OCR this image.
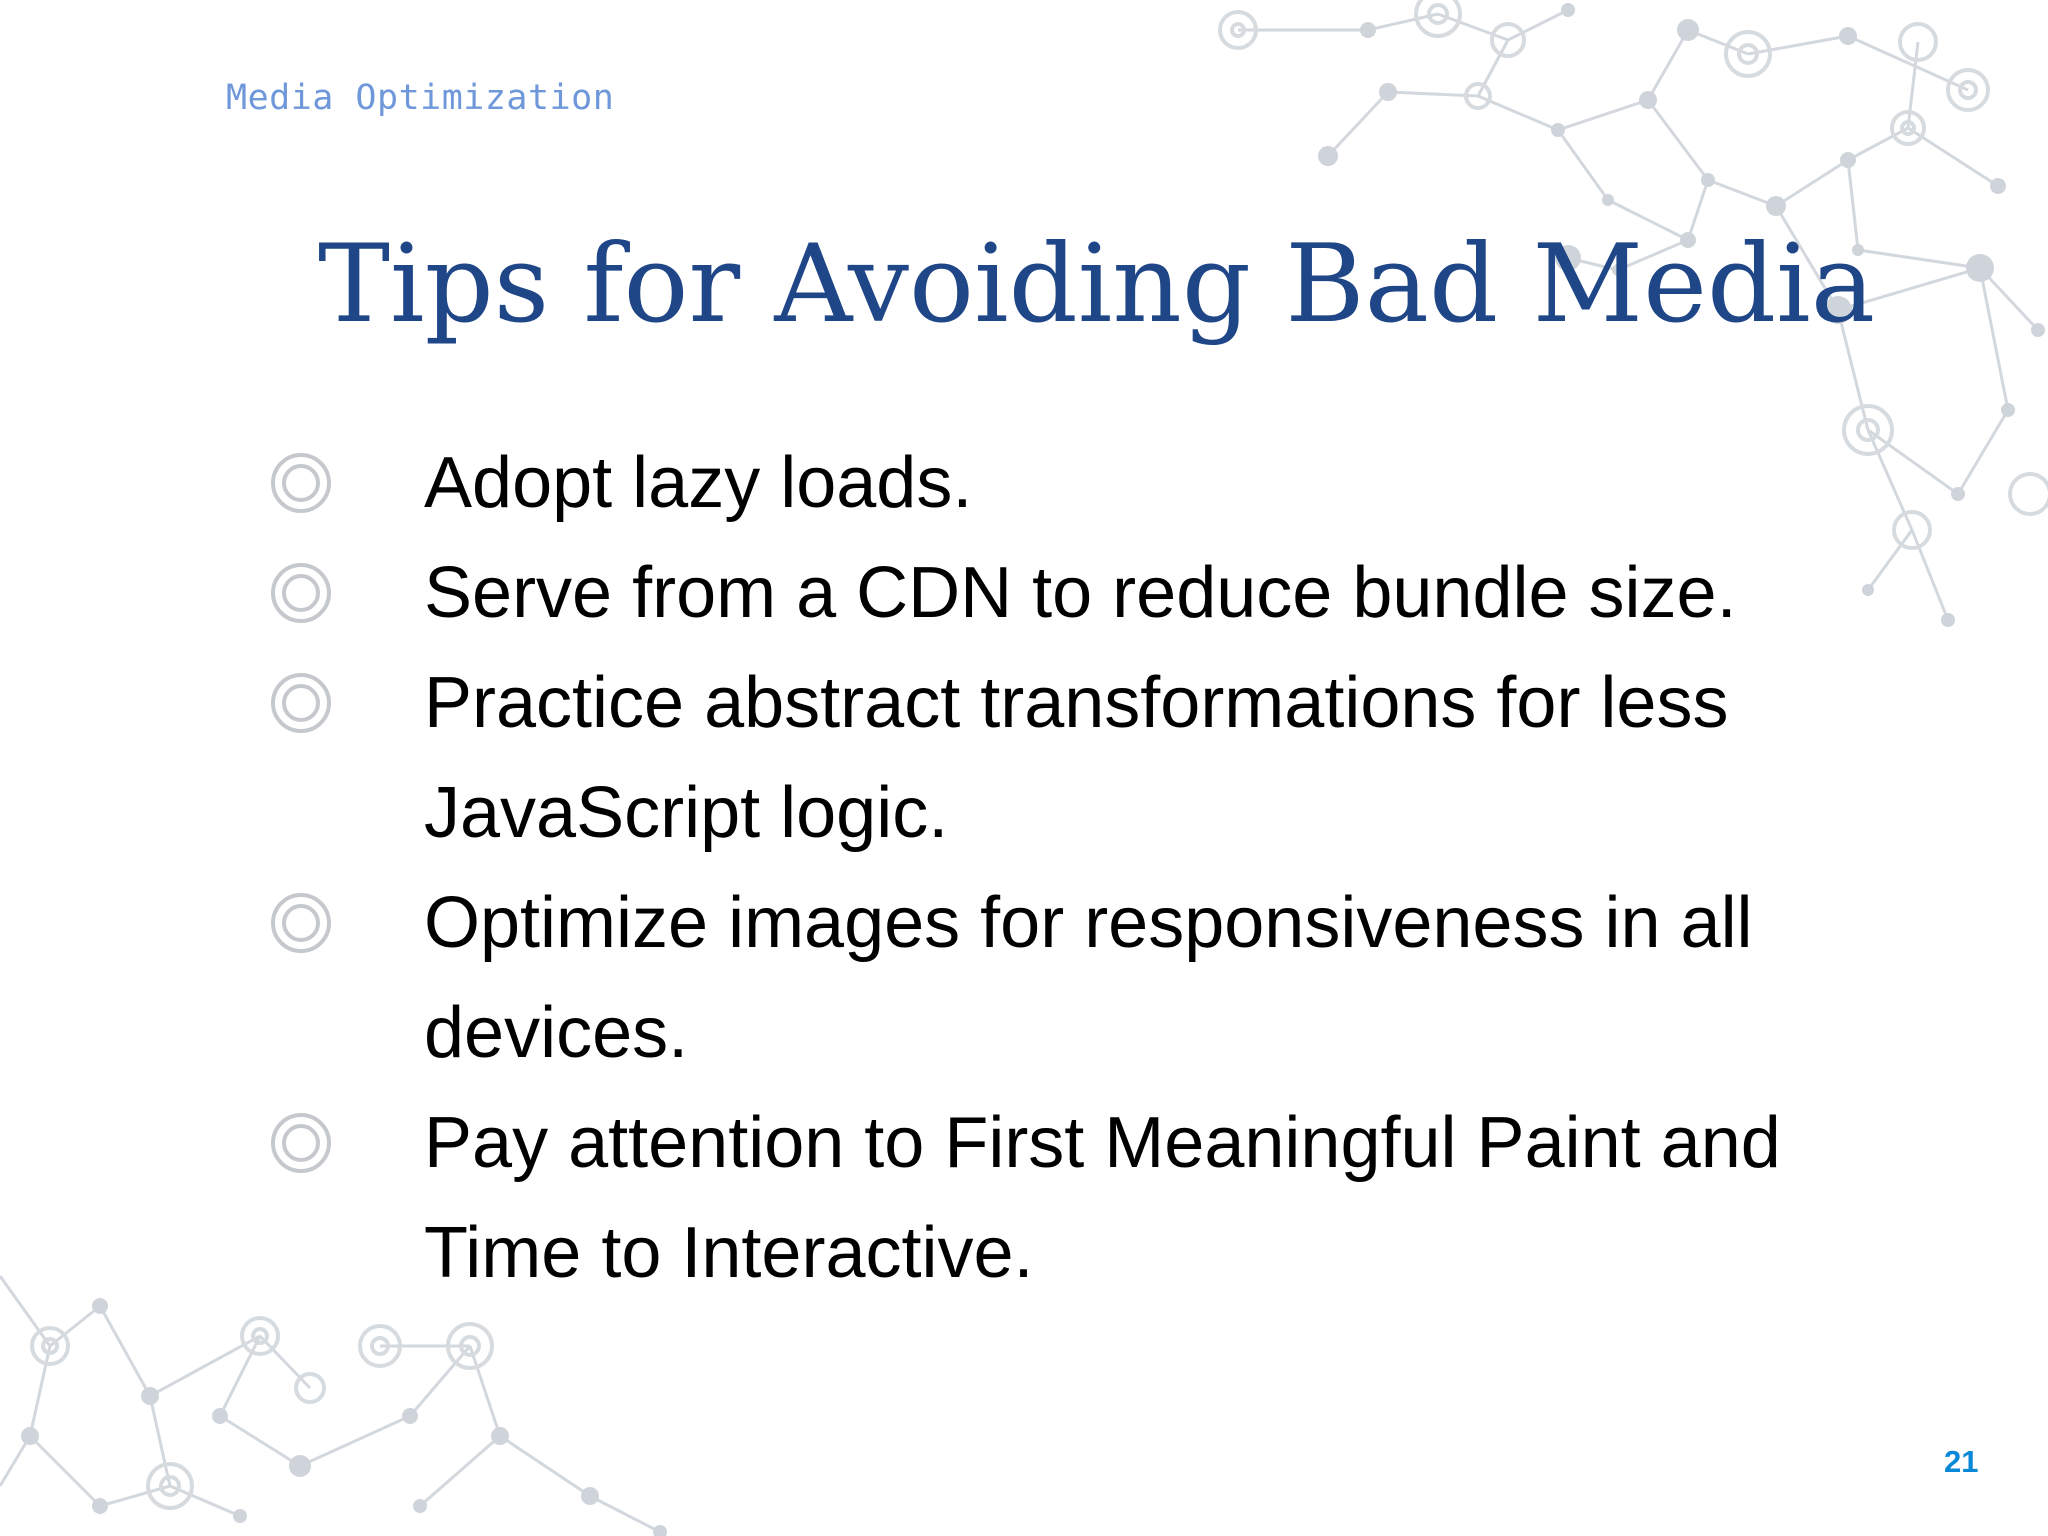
Media Optimization
Tips for Avoiding Bad Media
Adopt lazy loads.
Serve from a CDN to reduce bundle size.
Practice abstract transformations for less JavaScript logic.
Optimize images for responsiveness in all devices.
Pay attention to First Meaningful Paint and Time to Interactive.
21
